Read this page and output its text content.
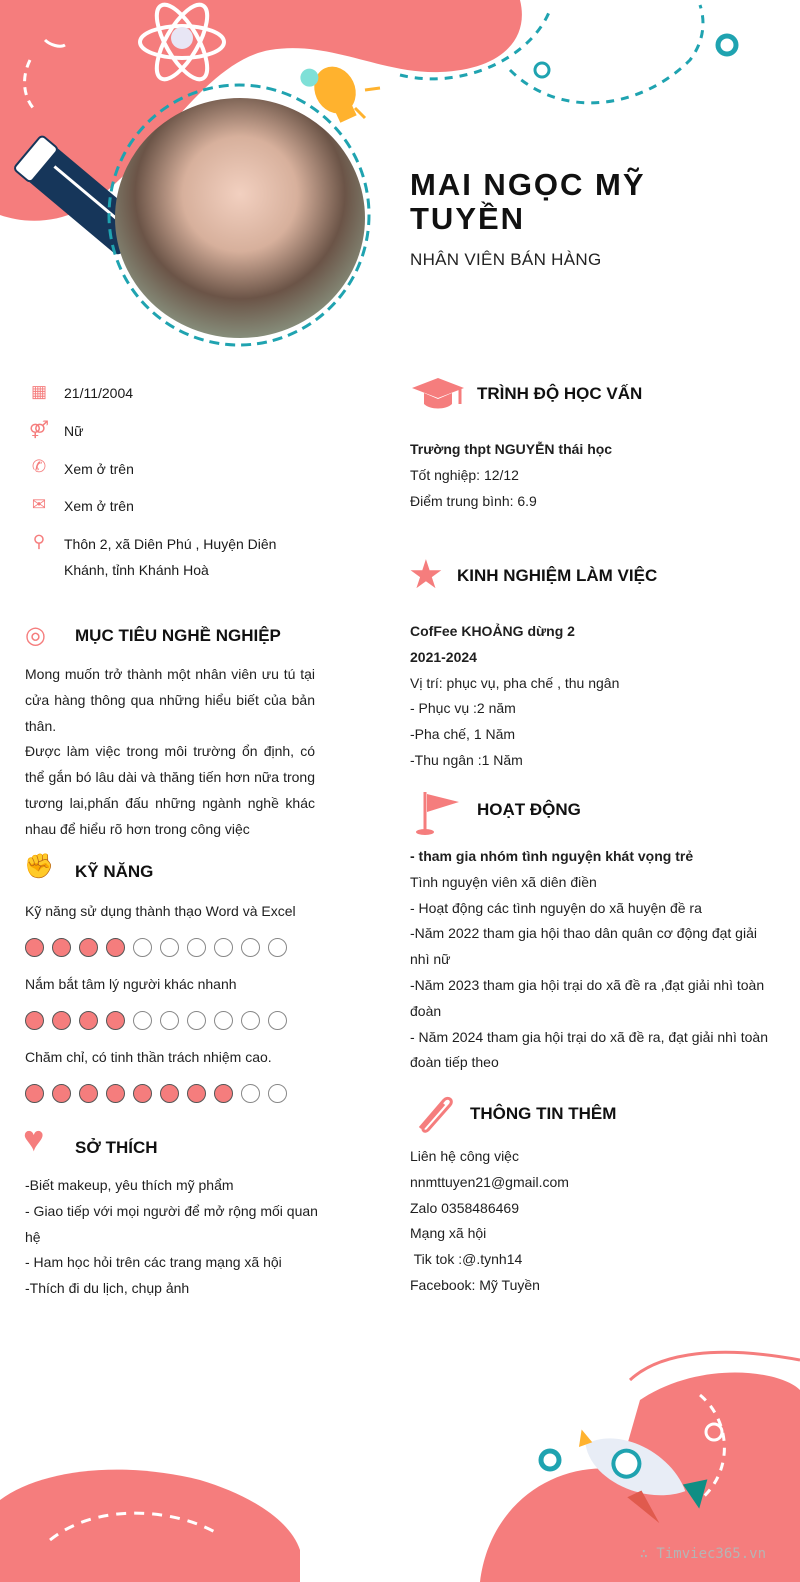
MAI NGỌC MỸ TUYỀN
NHÂN VIÊN BÁN HÀNG
▦ 21/11/2004
⚤ Nữ
✆ Xem ở trên
✉ Xem ở trên
⚲	Thôn 2, xã Diên Phú , Huyện Diên Khánh, tỉnh Khánh Hoà
◎ MỤC TIÊU NGHỀ NGHIỆP
Mong muốn trở thành một nhân viên ưu tú tại cửa hàng thông qua những hiểu biết của bản thân.
Được làm việc trong môi trường ổn định, có thể gắn bó lâu dài và thăng tiến hơn nữa trong tương lai,phấn đấu những ngành nghề khác nhau để hiểu rõ hơn trong công việc
✊ KỸ NĂNG
Kỹ năng sử dụng thành thạo Word và Excel
Nắm bắt tâm lý người khác nhanh
Chăm chỉ, có tinh thần trách nhiệm cao.
♥ SỞ THÍCH
-Biết makeup, yêu thích mỹ phẩm
- Giao tiếp với mọi người để mở rộng mối quan hệ
- Ham học hỏi trên các trang mạng xã hội
-Thích đi du lịch, chụp ảnh
TRÌNH ĐỘ HỌC VẤN
Trường thpt NGUYỄN thái học
Tốt nghiệp: 12/12
Điểm trung bình: 6.9
★ KINH NGHIỆM LÀM VIỆC
CofFee KHOẢNG dừng 2
2021-2024
Vị trí: phục vụ, pha chế , thu ngân
- Phục vụ :2 năm
-Pha chế, 1 Năm
-Thu ngân :1 Năm
HOẠT ĐỘNG
- tham gia nhóm tình nguyện khát vọng trẻ
Tình nguyện viên xã diên điền
- Hoạt động các tình nguyện do xã huyện đề ra
-Năm 2022 tham gia hội thao dân quân cơ động đạt giải nhì nữ
-Năm 2023 tham gia hội trại do xã đề ra ,đạt giải nhì toàn đoàn
- Năm 2024 tham gia hội trại do xã đề ra, đạt giải nhì toàn đoàn tiếp theo
THÔNG TIN THÊM
Liên hệ công việc
nnmttuyen21@gmail.com
Zalo 0358486469
Mạng xã hội
Tik tok :@.tynh14
Facebook: Mỹ Tuyền
∴ Timviec365.vn
